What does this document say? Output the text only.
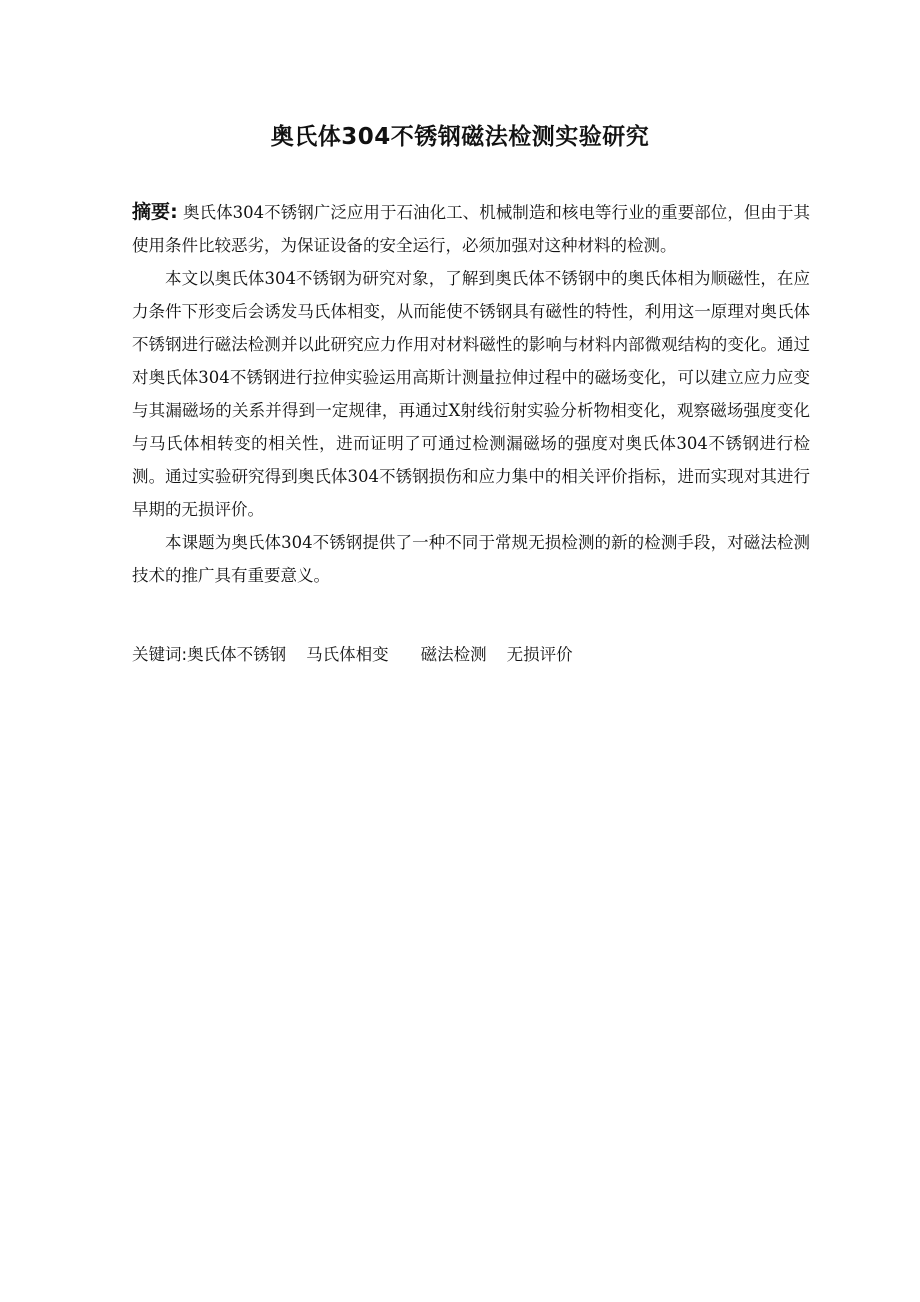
奥氏体304不锈钢磁法检测实验研究

摘要: 奥氏体304不锈钢广泛应用于石油化工、机械制造和核电等行业的重要部位，但由于其使用条件比较恶劣，为保证设备的安全运行，必须加强对这种材料的检测。

本文以奥氏体304不锈钢为研究对象，了解到奥氏体不锈钢中的奥氏体相为顺磁性，在应力条件下形变后会诱发马氏体相变，从而能使不锈钢具有磁性的特性，利用这一原理对奥氏体不锈钢进行磁法检测并以此研究应力作用对材料磁性的影响与材料内部微观结构的变化。通过对奥氏体304不锈钢进行拉伸实验运用高斯计测量拉伸过程中的磁场变化，可以建立应力应变与其漏磁场的关系并得到一定规律，再通过X射线衍射实验分析物相变化，观察磁场强度变化与马氏体相转变的相关性，进而证明了可通过检测漏磁场的强度对奥氏体304不锈钢进行检测。通过实验研究得到奥氏体304不锈钢损伤和应力集中的相关评价指标，进而实现对其进行早期的无损评价。

本课题为奥氏体304不锈钢提供了一种不同于常规无损检测的新的检测手段，对磁法检测技术的推广具有重要意义。

关键词:奥氏体不锈钢 马氏体相变 磁法检测 无损评价
